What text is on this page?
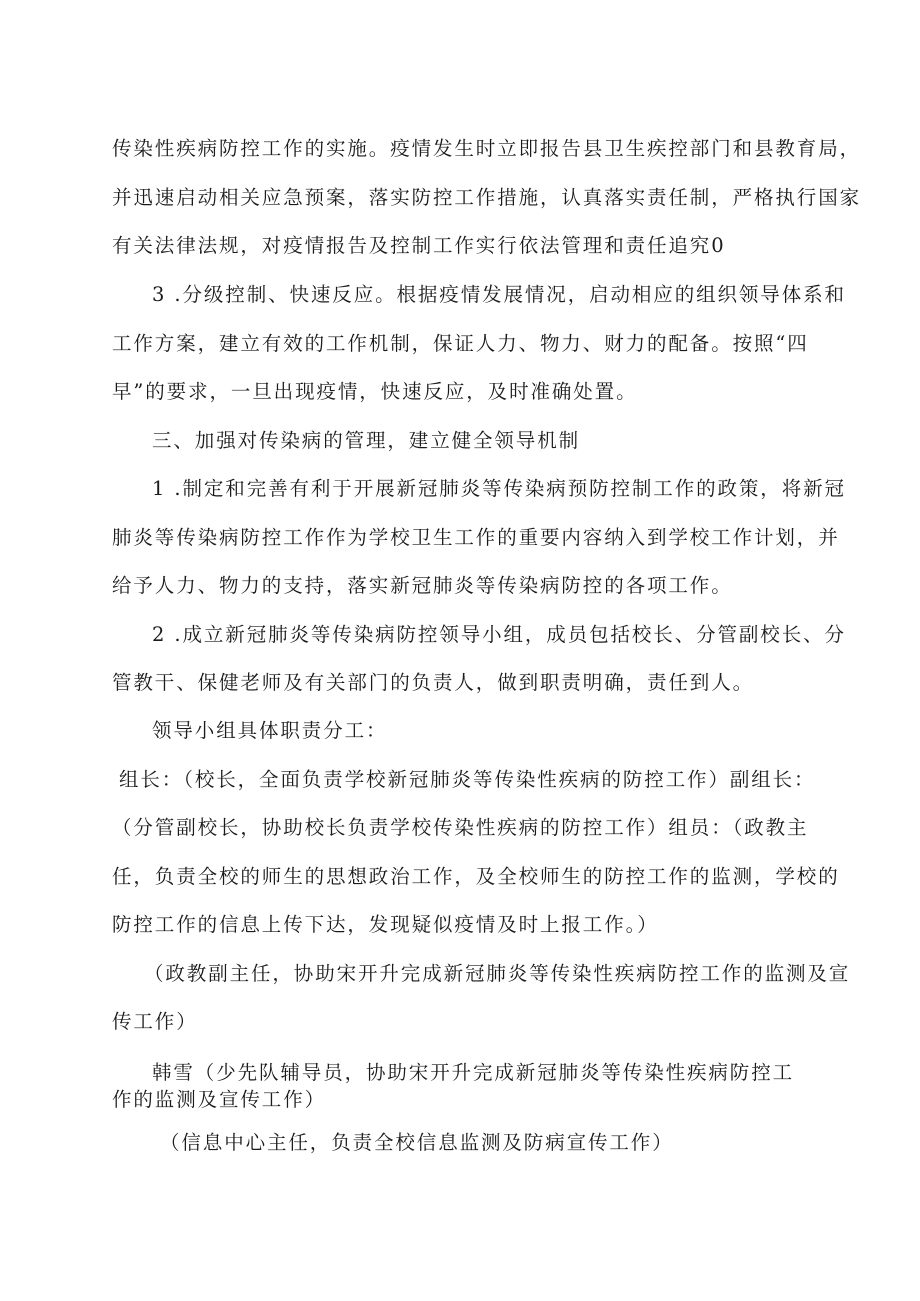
传染性疾病防控工作的实施。疫情发生时立即报告县卫生疾控部门和县教育局，

并迅速启动相关应急预案，落实防控工作措施，认真落实责任制，严格执行国家

有关法律法规，对疫情报告及控制工作实行依法管理和责任追究0

3 .分级控制、快速反应。根据疫情发展情况，启动相应的组织领导体系和

工作方案，建立有效的工作机制，保证人力、物力、财力的配备。按照“四

早”的要求，一旦出现疫情，快速反应，及时准确处置。

三、加强对传染病的管理，建立健全领导机制

1 .制定和完善有利于开展新冠肺炎等传染病预防控制工作的政策，将新冠

肺炎等传染病防控工作作为学校卫生工作的重要内容纳入到学校工作计划，并

给予人力、物力的支持，落实新冠肺炎等传染病防控的各项工作。

2 .成立新冠肺炎等传染病防控领导小组，成员包括校长、分管副校长、分

管教干、保健老师及有关部门的负责人，做到职责明确，责任到人。

领导小组具体职责分工：

组长：（校长，全面负责学校新冠肺炎等传染性疾病的防控工作）副组长：

（分管副校长，协助校长负责学校传染性疾病的防控工作）组员：（政教主

任，负责全校的师生的思想政治工作，及全校师生的防控工作的监测，学校的

防控工作的信息上传下达，发现疑似疫情及时上报工作。）

（政教副主任，协助宋开升完成新冠肺炎等传染性疾病防控工作的监测及宣

传工作）

韩雪（少先队辅导员，协助宋开升完成新冠肺炎等传染性疾病防控工

作的监测及宣传工作）

（信息中心主任，负责全校信息监测及防病宣传工作）
